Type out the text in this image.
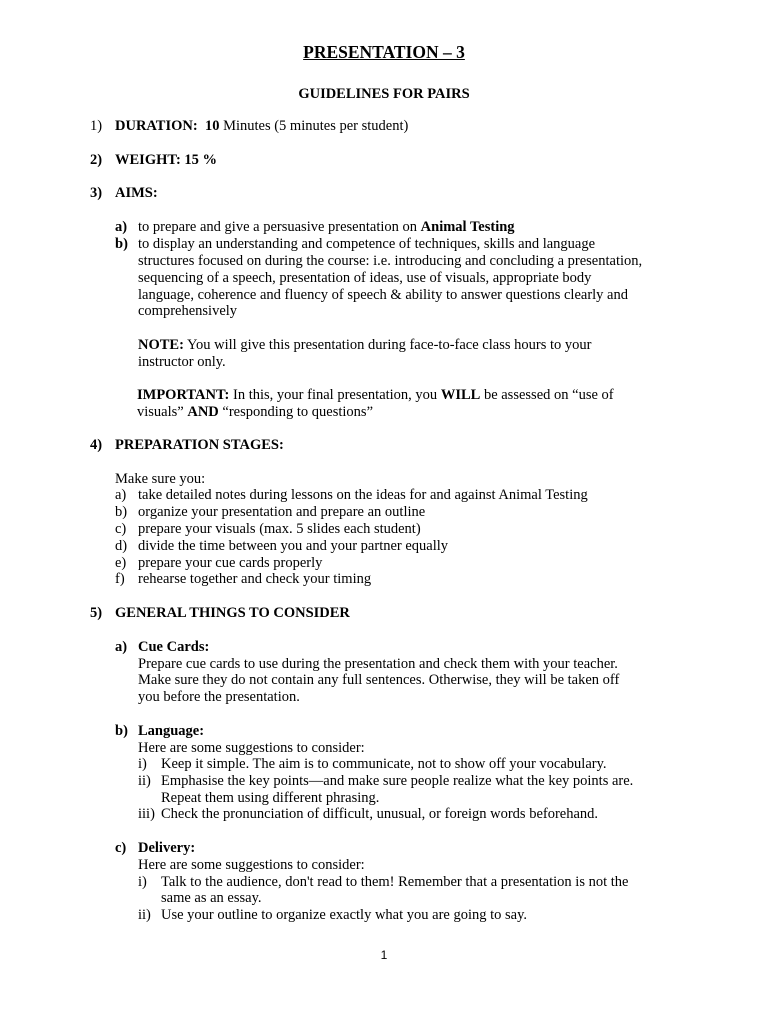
PRESENTATION – 3
GUIDELINES FOR PAIRS
1) DURATION: 10 Minutes (5 minutes per student)
2) WEIGHT: 15 %
3) AIMS:
a) to prepare and give a persuasive presentation on Animal Testing
b) to display an understanding and competence of techniques, skills and language
structures focused on during the course: i.e. introducing and concluding a presentation,
sequencing of a speech, presentation of ideas, use of visuals, appropriate body
language, coherence and fluency of speech & ability to answer questions clearly and
comprehensively
NOTE: You will give this presentation during face-to-face class hours to your
instructor only.
IMPORTANT: In this, your final presentation, you WILL be assessed on “use of
visuals” AND “responding to questions”
4) PREPARATION STAGES:
Make sure you:
a) take detailed notes during lessons on the ideas for and against Animal Testing
b) organize your presentation and prepare an outline
c) prepare your visuals (max. 5 slides each student)
d) divide the time between you and your partner equally
e) prepare your cue cards properly
f) rehearse together and check your timing
5) GENERAL THINGS TO CONSIDER
a) Cue Cards:
Prepare cue cards to use during the presentation and check them with your teacher.
Make sure they do not contain any full sentences. Otherwise, they will be taken off
you before the presentation.
b) Language:
Here are some suggestions to consider:
i) Keep it simple. The aim is to communicate, not to show off your vocabulary.
ii) Emphasise the key points—and make sure people realize what the key points are.
Repeat them using different phrasing.
iii) Check the pronunciation of difficult, unusual, or foreign words beforehand.
c) Delivery:
Here are some suggestions to consider:
i) Talk to the audience, don't read to them! Remember that a presentation is not the
same as an essay.
ii) Use your outline to organize exactly what you are going to say.
1
